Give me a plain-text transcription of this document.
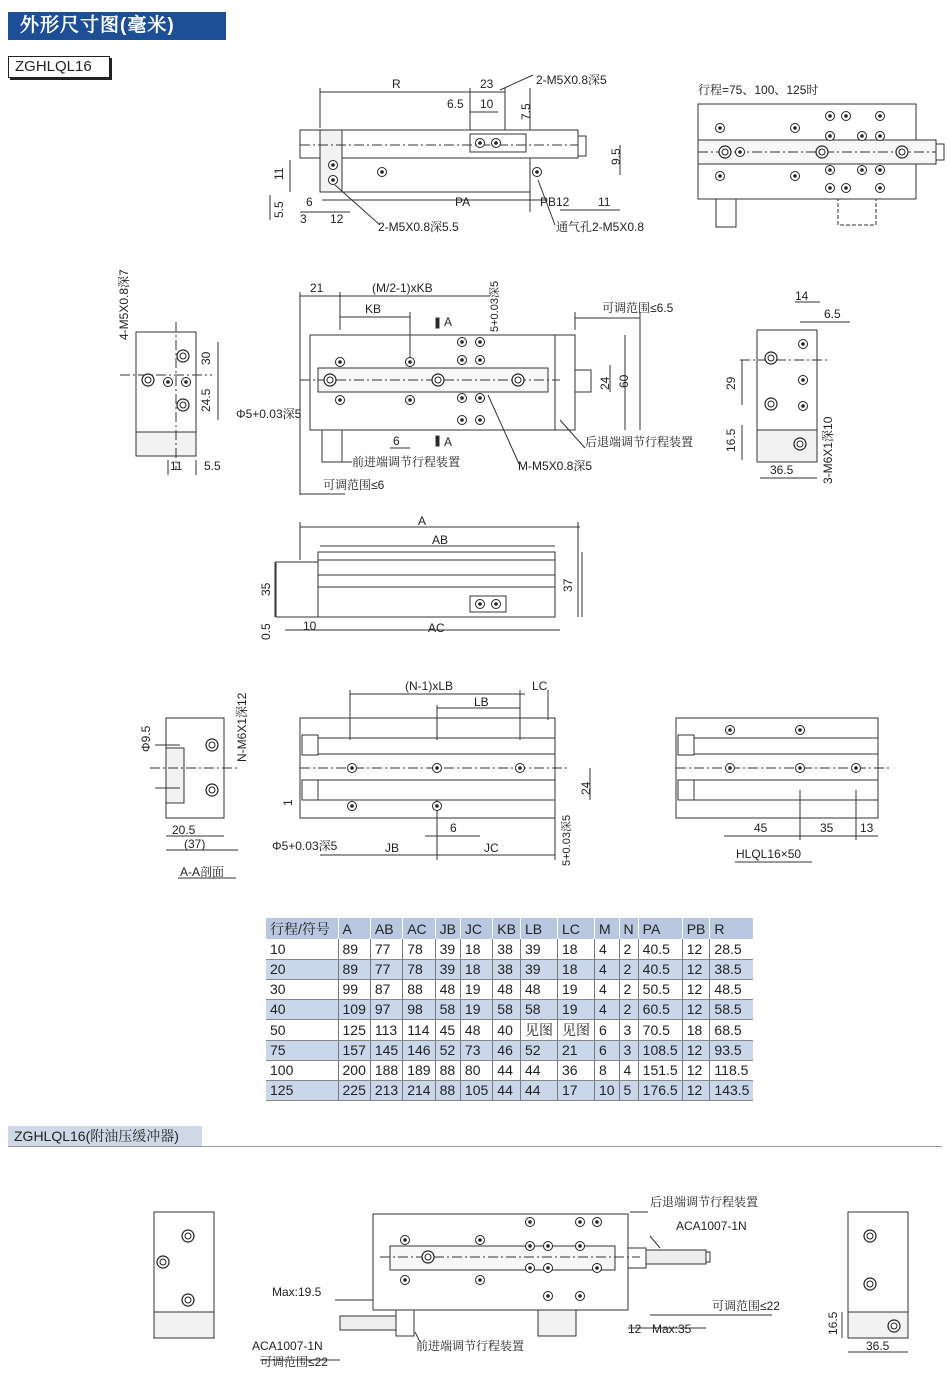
外形尺寸图(毫米)
ZGHLQL16
R	23
6.5 10
2-M5X0.8深5
7.5
9.5
11
5.5 6
3 12
PA	PB12 11
2-M5X0.8深5.5	通气孔2-M5X0.8
行程=75、100、125时
4-M5X0.8深7
30
24.5
11 5.5
21	(M/2-1)xKB
KB
A
A
5+0.03深5	可调范围≤6.5
24 60
后退端调节行程装置
前进端调节行程装置	M-M5X0.8深5
Φ5+0.03深5
6
可调范围≤6
14
6.5
29
16.5
36.5 3-M6X1深10
A
AB
35	37
0.5	10	AC
Φ9.5	N-M6X1深12
20.5
(37)
A-A剖面
(N-1)xLB	LC
LB
24
1
6
JB	JC
Φ5+0.03深5	5+0.03深5	45	35 13
HLQL16×50
后退端调节行程装置
ACA1007-1N
Max:19.5
可调范围≤22
ACA1007-1N
可调范围≤22
前进端调节行程装置
12 Max:35	16.5
36.5
行程/符号	A	AB	AC	JB	JC	KB	LB	LC	M	N	PA	PB	R
10	89	77	78	39	18	38	39	18	4	2	40.5	12	28.5
20	89	77	78	39	18	38	39	18	4	2	40.5	12	38.5
30	99	87	88	48	19	48	48	19	4	2	50.5	12	48.5
40	109	97	98	58	19	58	58	19	4	2	60.5	12	58.5
50	125	113	114	45	48	40	见图	见图	6	3	70.5	18	68.5
75	157	145	146	52	73	46	52	21	6	3	108.5	12	93.5
100	200	188	189	88	80	44	44	36	8	4	151.5	12	118.5
125	225	213	214	88	105	44	44	17	10	5	176.5	12	143.5
ZGHLQL16(附油压缓冲器)
